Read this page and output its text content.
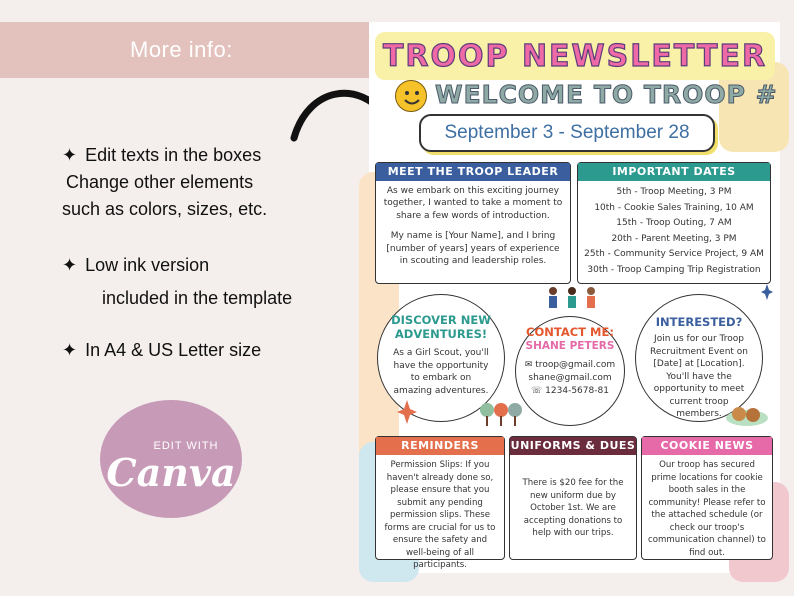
More info:
✦ Edit texts in the boxes
Change other elements
such as colors, sizes, etc.
✦ Low ink version
included in the template
✦ In A4 & US Letter size
EDIT WITH
Canva
TROOP NEWSLETTER
WELCOME TO TROOP #
September 3 - September 28
MEET THE TROOP LEADER
As we embark on this exciting journey together, I wanted to take a moment to share a few words of introduction.
My name is [Your Name], and I bring [number of years] years of experience in scouting and leadership roles.
IMPORTANT DATES
5th - Troop Meeting, 3 PM
10th - Cookie Sales Training, 10 AM
15th - Troop Outing, 7 AM
20th - Parent Meeting, 3 PM
25th - Community Service Project, 9 AM
30th - Troop Camping Trip Registration
DISCOVER NEW
ADVENTURES!
As a Girl Scout, you'll have the opportunity to embark on amazing adventures.
CONTACT ME:
SHANE PETERS
✉ troop@gmail.com
shane@gmail.com
☏ 1234-5678-81
INTERESTED?
Join us for our Troop Recruitment Event on [Date] at [Location]. You'll have the opportunity to meet current troop members.
REMINDERS
Permission Slips: If you haven't already done so, please ensure that you submit any pending permission slips. These forms are crucial for us to ensure the safety and well-being of all participants.
UNIFORMS & DUES
There is $20 fee for the new uniform due by October 1st. We are accepting donations to help with our trips.
COOKIE NEWS
Our troop has secured prime locations for cookie booth sales in the community! Please refer to the attached schedule (or check our troop's communication channel) to find out.
